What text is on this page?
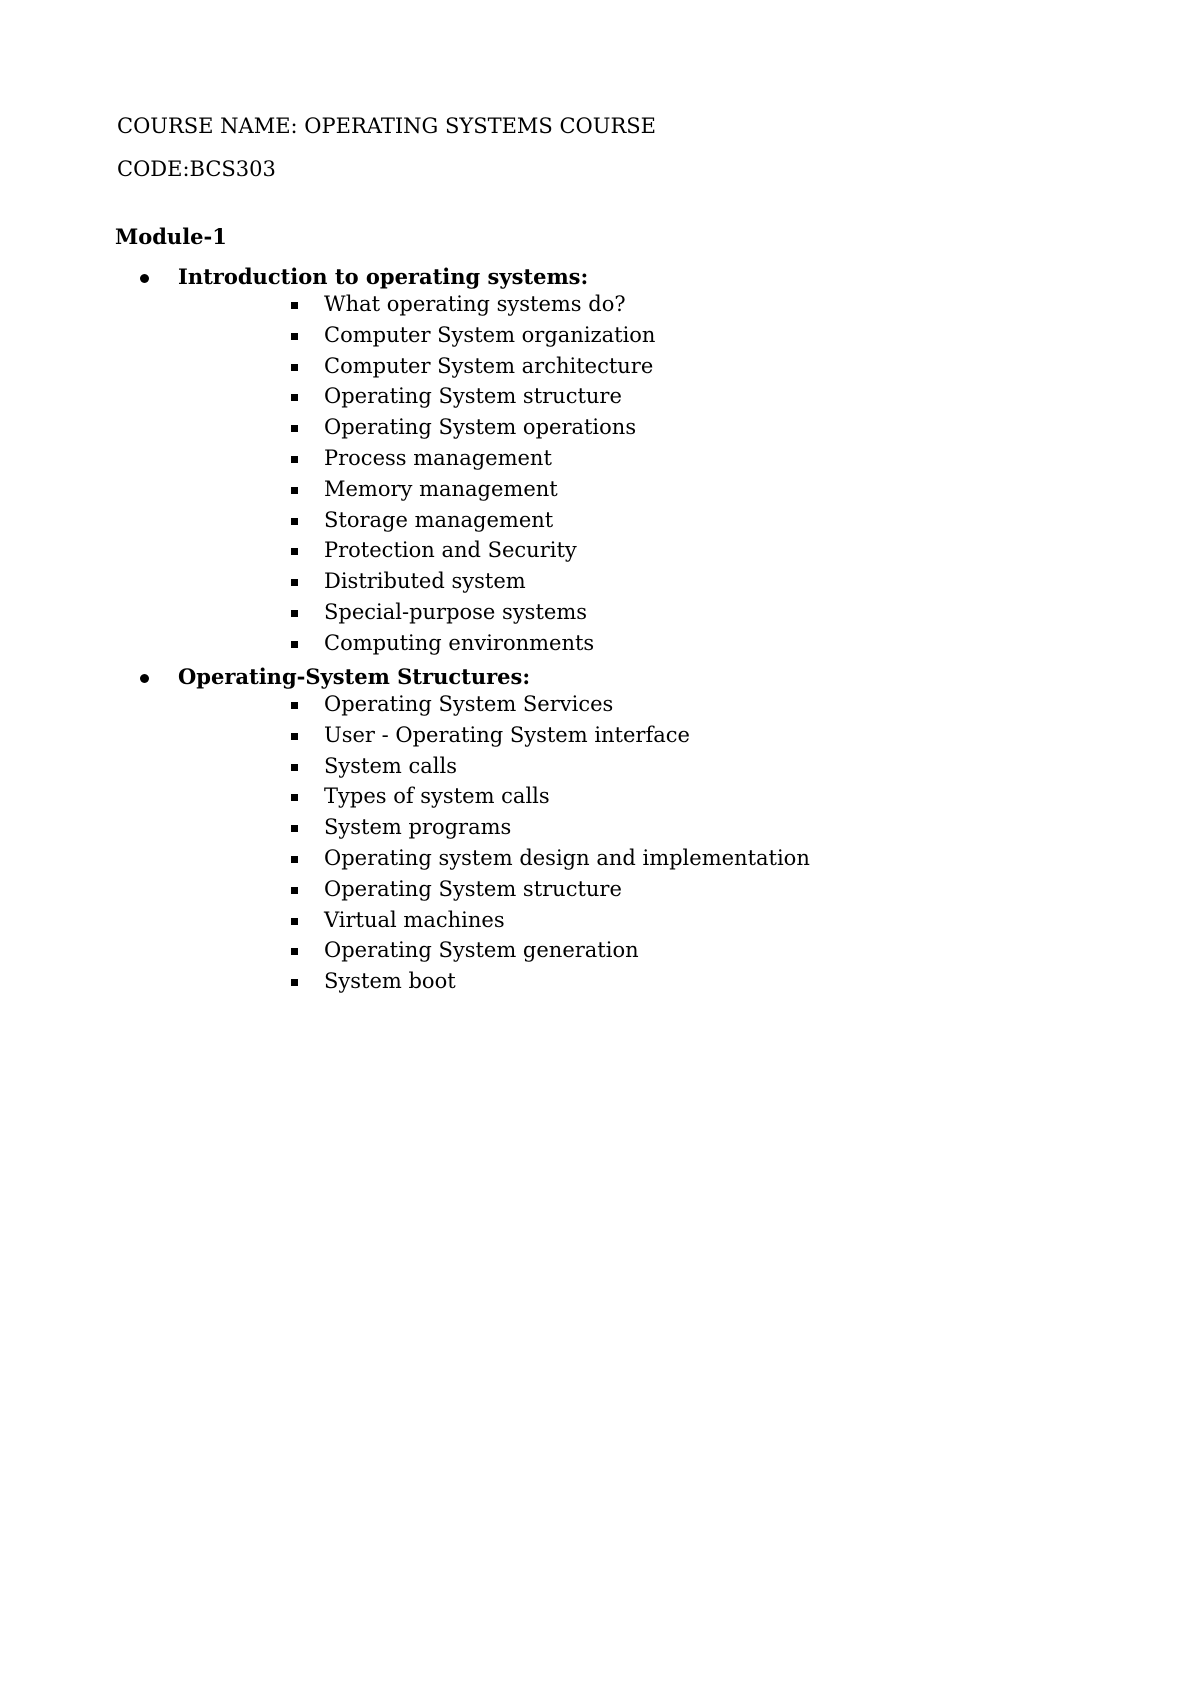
COURSE NAME: OPERATING SYSTEMS COURSE
CODE:BCS303
Module-1
Introduction to operating systems:
What operating systems do?
Computer System organization
Computer System architecture
Operating System structure
Operating System operations
Process management
Memory management
Storage management
Protection and Security
Distributed system
Special-purpose systems
Computing environments
Operating-System Structures:
Operating System Services
User - Operating System interface
System calls
Types of system calls
System programs
Operating system design and implementation
Operating System structure
Virtual machines
Operating System generation
System boot
